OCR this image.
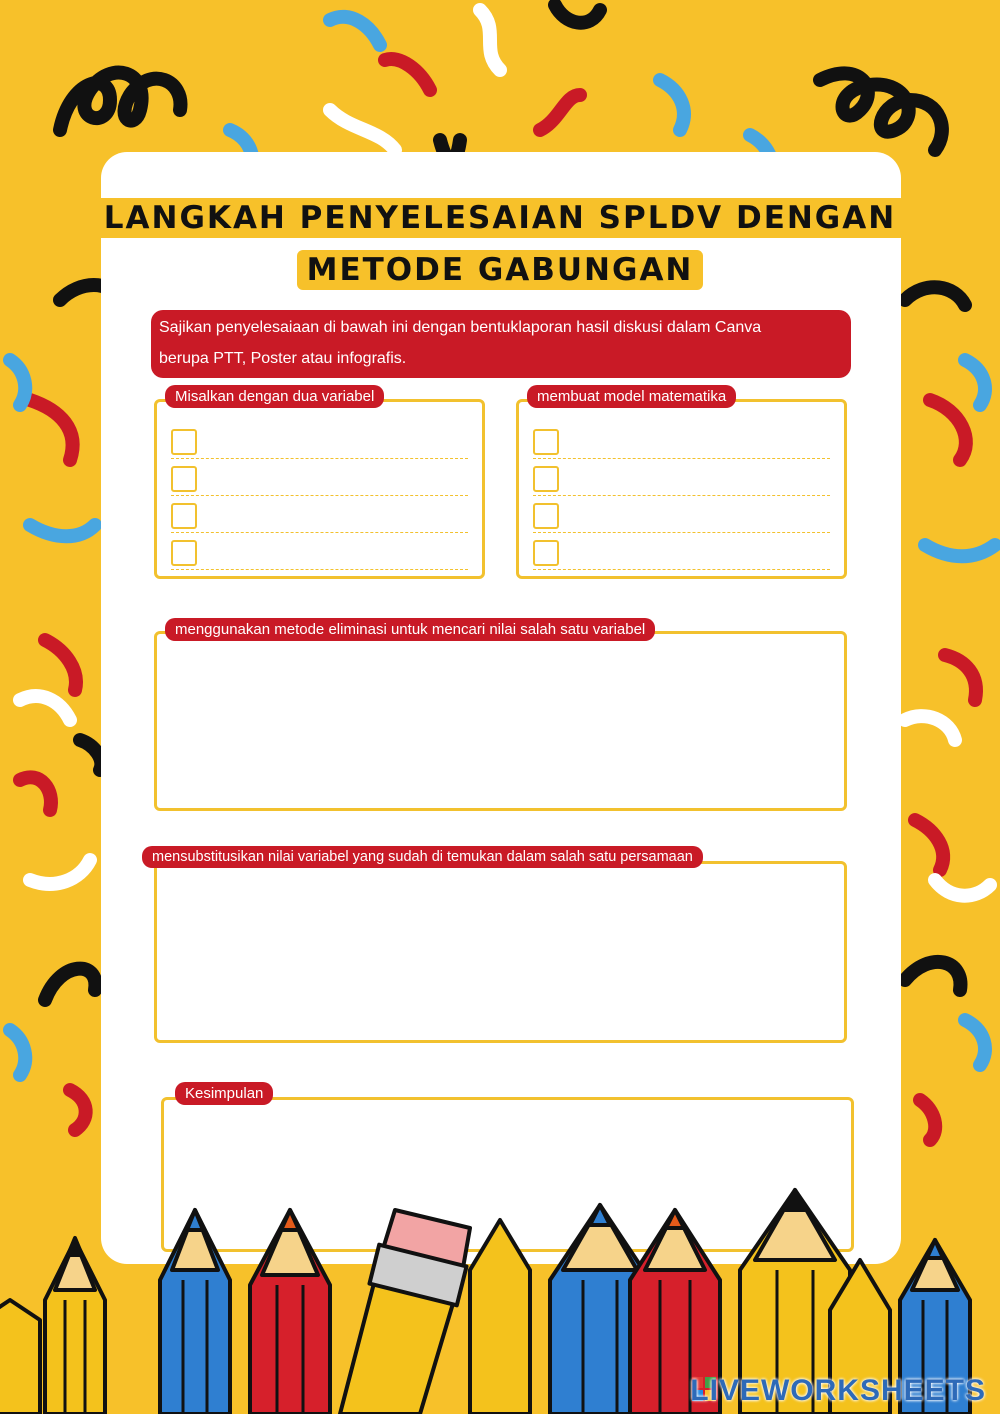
LANGKAH PENYELESAIAN SPLDV DENGAN
METODE GABUNGAN
Sajikan penyelesaiaan di bawah ini dengan bentuklaporan hasil diskusi dalam Canva
berupa PTT, Poster atau infografis.
Misalkan dengan dua variabel	membuat model matematika
menggunakan metode eliminasi untuk mencari nilai salah satu variabel
mensubstitusikan nilai variabel yang sudah di temukan dalam salah satu persamaan
Kesimpulan
LIVEWORKSHEETS
